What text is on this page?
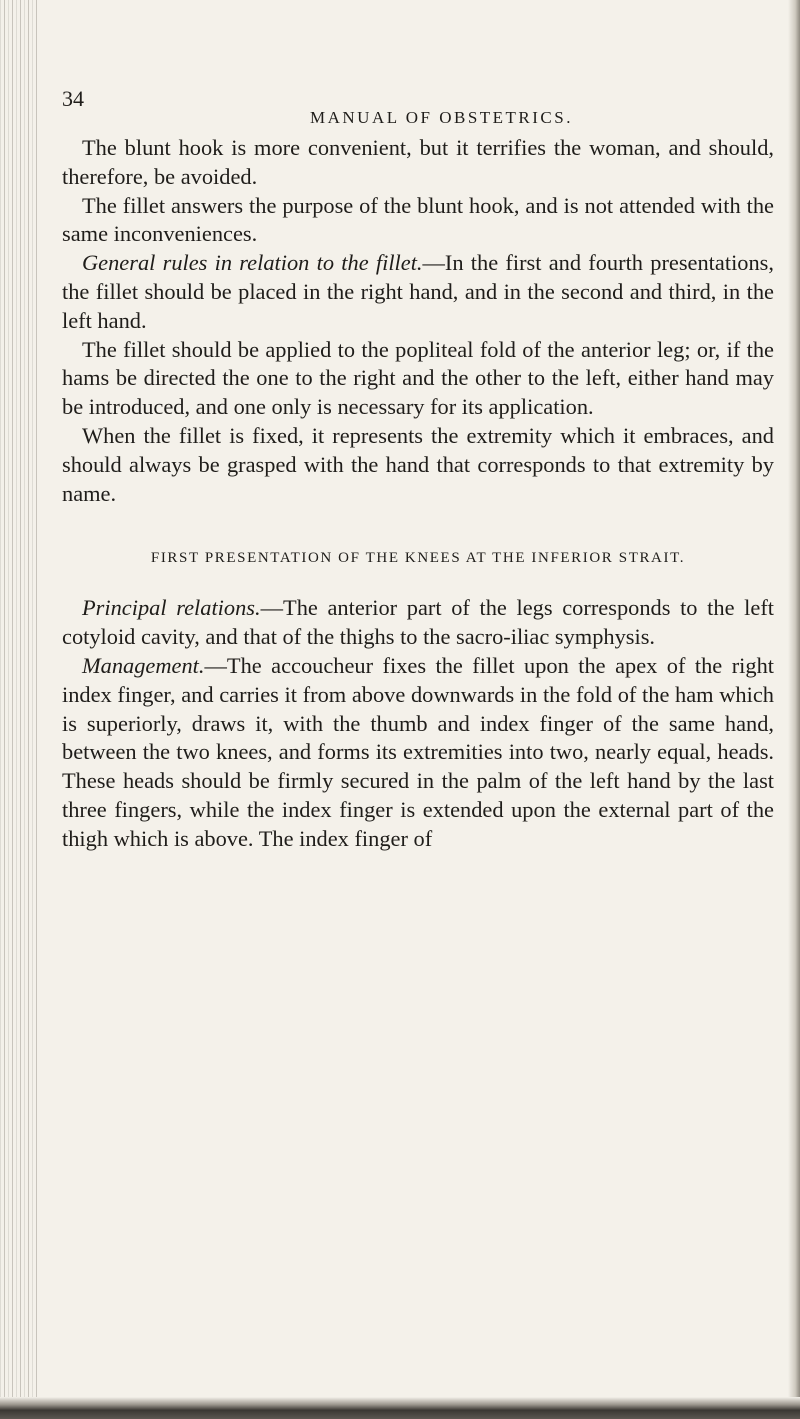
34
MANUAL OF OBSTETRICS.

The blunt hook is more convenient, but it terrifies the woman, and should, therefore, be avoided.

The fillet answers the purpose of the blunt hook, and is not attended with the same inconveniences.

General rules in relation to the fillet.—In the first and fourth presentations, the fillet should be placed in the right hand, and in the second and third, in the left hand.

The fillet should be applied to the popliteal fold of the anterior leg; or, if the hams be directed the one to the right and the other to the left, either hand may be introduced, and one only is necessary for its application.

When the fillet is fixed, it represents the extremity which it embraces, and should always be grasped with the hand that corresponds to that extremity by name.

FIRST PRESENTATION OF THE KNEES AT THE INFERIOR STRAIT.

Principal relations.—The anterior part of the legs corresponds to the left cotyloid cavity, and that of the thighs to the sacro-iliac symphysis.

Management.—The accoucheur fixes the fillet upon the apex of the right index finger, and carries it from above downwards in the fold of the ham which is superiorly, draws it, with the thumb and index finger of the same hand, between the two knees, and forms its extremities into two, nearly equal, heads. These heads should be firmly secured in the palm of the left hand by the last three fingers, while the index finger is extended upon the external part of the thigh which is above. The index finger of
